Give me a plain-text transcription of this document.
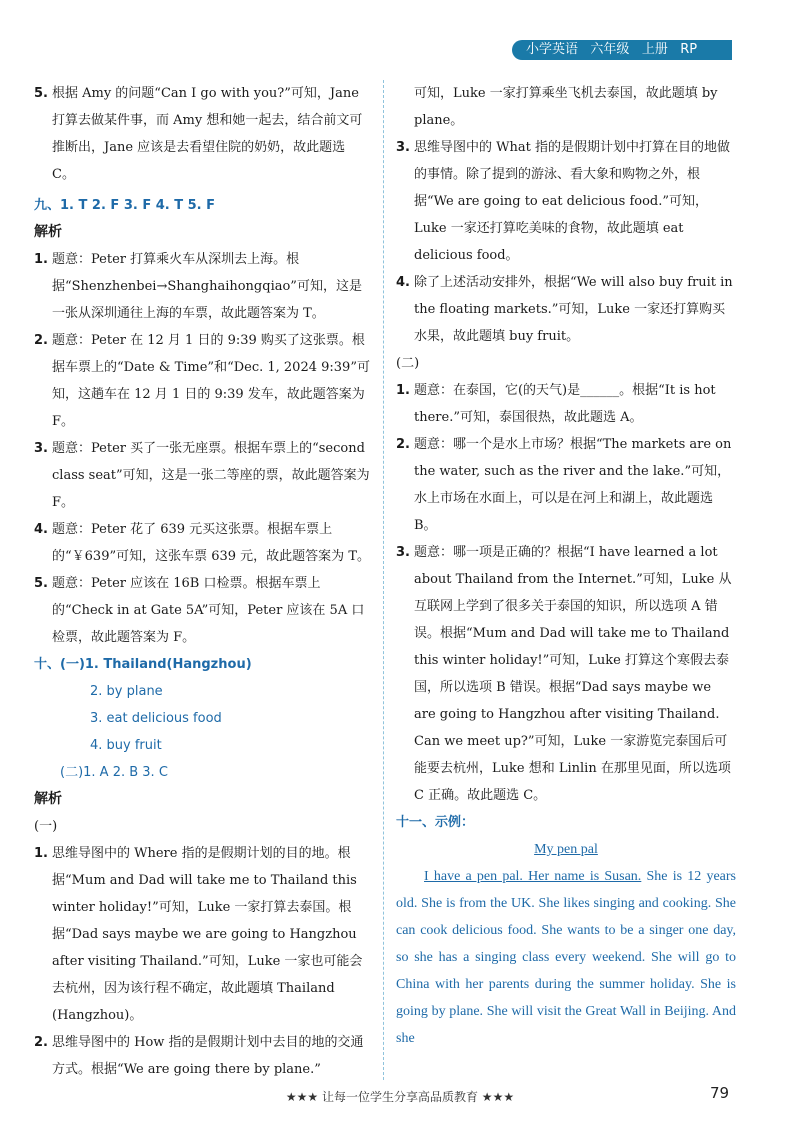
小学英语 六年级 上册 RP

5. 根据 Amy 的问题“Can I go with you?”可知，Jane 打算去做某件事，而 Amy 想和她一起去，结合前文可推断出，Jane 应该是去看望住院的奶奶，故此题选 C。

九、1. T 2. F 3. F 4. T 5. F

解析

1. 题意：Peter 打算乘火车从深圳去上海。根据“Shenzhenbei→Shanghaihongqiao”可知，这是一张从深圳通往上海的车票，故此题答案为 T。

2. 题意：Peter 在 12 月 1 日的 9:39 购买了这张票。根据车票上的“Date & Time”和“Dec. 1, 2024 9:39”可知，这趟车在 12 月 1 日的 9:39 发车，故此题答案为 F。

3. 题意：Peter 买了一张无座票。根据车票上的“second class seat”可知，这是一张二等座的票，故此题答案为 F。

4. 题意：Peter 花了 639 元买这张票。根据车票上的“￥639”可知，这张车票 639 元，故此题答案为 T。

5. 题意：Peter 应该在 16B 口检票。根据车票上的“Check in at Gate 5A”可知，Peter 应该在 5A 口检票，故此题答案为 F。

十、(一)1. Thailand(Hangzhou)

2. by plane

3. eat delicious food

4. buy fruit

(二)1. A 2. B 3. C

解析

(一)

1. 思维导图中的 Where 指的是假期计划的目的地。根据“Mum and Dad will take me to Thailand this winter holiday!”可知，Luke 一家打算去泰国。根据“Dad says maybe we are going to Hangzhou after visiting Thailand.”可知，Luke 一家也可能会去杭州，因为该行程不确定，故此题填 Thailand (Hangzhou)。

2. 思维导图中的 How 指的是假期计划中去目的地的交通方式。根据“We are going there by plane.”

可知，Luke 一家打算乘坐飞机去泰国，故此题填 by plane。

3. 思维导图中的 What 指的是假期计划中打算在目的地做的事情。除了提到的游泳、看大象和购物之外，根据“We are going to eat delicious food.”可知，Luke 一家还打算吃美味的食物，故此题填 eat delicious food。

4. 除了上述活动安排外，根据“We will also buy fruit in the floating markets.”可知，Luke 一家还打算购买水果，故此题填 buy fruit。

(二)

1. 题意：在泰国，它(的天气)是______。根据“It is hot there.”可知，泰国很热，故此题选 A。

2. 题意：哪一个是水上市场？根据“The markets are on the water, such as the river and the lake.”可知，水上市场在水面上，可以是在河上和湖上，故此题选 B。

3. 题意：哪一项是正确的？根据“I have learned a lot about Thailand from the Internet.”可知，Luke 从互联网上学到了很多关于泰国的知识，所以选项 A 错误。根据“Mum and Dad will take me to Thailand this winter holiday!”可知，Luke 打算这个寒假去泰国，所以选项 B 错误。根据“Dad says maybe we are going to Hangzhou after visiting Thailand. Can we meet up?”可知，Luke 一家游览完泰国后可能要去杭州，Luke 想和 Linlin 在那里见面，所以选项 C 正确。故此题选 C。

十一、示例：

My pen pal

I have a pen pal. Her name is Susan. She is 12 years old. She is from the UK. She likes singing and cooking. She can cook delicious food. She wants to be a singer one day, so she has a singing class every weekend. She will go to China with her parents during the summer holiday. She is going by plane. She will visit the Great Wall in Beijing. And she

★★★ 让每一位学生分享高品质教育 ★★★	79
